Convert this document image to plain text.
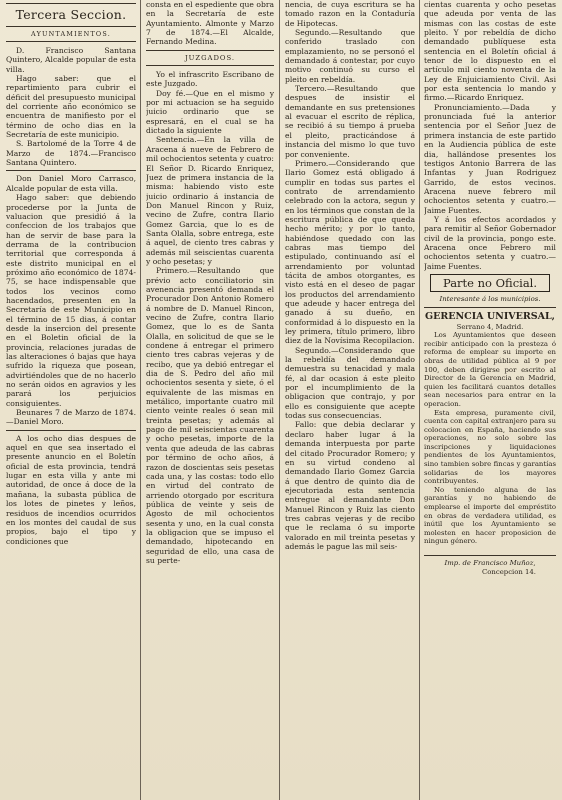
Tercera Seccion.
AYUNTAMIENTOS.

D. Francisco Santana Quintero, Alcalde popular de esta villa.

Hago saber: que el repartimiento para cubrir el déficit del presupuesto municipal del corriente año económico se encuentra de manifiesto por el término de ocho dias en la Secretaría de este municipio.

S. Bartolomé de la Torre 4 de Marzo de 1874.—Francisco Santana Quintero.

Don Daniel Moro Carrasco, Alcalde popular de esta villa.

Hago saber: que debiendo procederse por la Junta de valuacion que presidió á la confeccion de los trabajos que han de servir de base para la derrama de la contribucion territorial que corresponda á este distrito municipal en el próximo año económico de 1874-75, se hace indispensable que todos los vecinos como hacendados, presenten en la Secretaría de este Municipio en el término de 15 dias, á contar desde la insercion del presente en el Boletin oficial de la provincia, relaciones juradas de las alteraciones ó bajas que haya sufrido la riqueza que posean, advirtiéndoles que de no hacerlo no serán oidos en agravios y les parará los perjuicios consiguientes.

Beunares 7 de Marzo de 1874.—Daniel Moro.

A los ocho dias despues de aquel en que sea insertado el presente anuncio en el Boletín oficial de esta provincia, tendrá lugar en esta villa y ante mi autoridad, de once á doce de la mañana, la subasta pública de los lotes de pinetes y leños, residuos de incendios ocurridos en los montes del caudal de sus propios, bajo el tipo y condiciones que

consta en el espediente que obra en la Secretaría de este Ayuntamiento. Almonte y Marzo 7 de 1874.—El Alcalde, Fernando Medina.

JUZGADOS.

Yo el infrascrito Escribano de este Juzgado.

Doy fé.—Que en el mismo y por mi actuacion se ha seguido juicio ordinario que se espresará, en el cual se ha dictado la siguiente

Sentencia.—En la villa de Aracena á nueve de Febrero de mil ochocientos setenta y cuatro: El Señor D. Ricardo Enriquez, Juez de primera instancia de la misma: habiendo visto este juicio ordinario á instancia de Don Manuel Rincon y Ruiz, vecino de Zufre, contra Ilario Gomez Garcia, que lo es de Santa Olalla, sobre entrega, este á aquel, de ciento tres cabras y además mil seiscientas cuarenta y ocho pesetas; y

Primero.—Resultando que prévio acto conciliatorio sin avenencia presentó demanda el Procurador Don Antonio Romero á nombre de D. Manuel Rincon, vecino de Zufre, contra Ilario Gomez, que lo es de Santa Olalla, en solicitud de que se le condene á entregar el primero ciento tres cabras vejeras y de recibo, que ya debió entregar el dia de S. Pedro del año mil ochocientos sesenta y siete, ó el equivalente de las mismas en metálico, importante cuatro mil ciento veinte reales ó sean mil treinta pesetas; y además al pago de mil seiscientas cuarenta y ocho pesetas, importe de la venta que adeuda de las cabras por término de ocho años, á razon de doscientas seis pesetas cada una, y las costas: todo ello en virtud del contrato de arriendo otorgado por escritura pública de veinte y seis de Agosto de mil ochocientos sesenta y uno, en la cual consta la obligacion que se impuso el demandado, hipotecando en seguridad de ello, una casa de su perte-

nencia, de cuya escritura se ha tomado razon en la Contaduría de Hipotecas.

Segundo.—Resultando que conferido traslado con emplazamiento, no se personó el demandado á contestar, por cuyo motivo continuó su curso el pleito en rebeldía.

Tercero.—Resultando que despues de insistir el demandante en sus pretensiones al evacuar el escrito de réplica, se recibió á su tiempo á prueba el pleito, practicándose á instancia del mismo lo que tuvo por conveniente.

Primero.—Considerando que Ilario Gomez está obligado á cumplir en todas sus partes el contrato de arrendamiento celebrado con la actora, segun y en los términos que constan de la escritura pública de que queda hecho mérito; y por lo tanto, habiéndose quedado con las cabras mas tiempo del estipulado, continuando así el arrendamiento por voluntad tácita de ambos otorgantes, es visto está en el deseo de pagar los productos del arrendamiento que adeude y hacer entrega del ganado á su dueño, en conformidad á lo dispuesto en la ley primera, título primero, libro diez de la Novísima Recopilacion.

Segundo.—Considerando que la rebeldía del demandado demuestra su tenacidad y mala fé, al dar ocasion á este pleito por el incumplimiento de la obligacion que contrajo, y por ello es consiguiente que acepte todas sus consecuencias.

Fallo: que debia declarar y declaro haber lugar á la demanda interpuesta por parte del citado Procurador Romero; y en su virtud condeno al demandado Ilario Gomez Garcia á que dentro de quinto dia de ejecutoriada esta sentencia entregue al demandante Don Manuel Rincon y Ruiz las ciento tres cabras vejeras y de recibo que le reclama ó su importe valorado en mil treinta pesetas y además le pague las mil seis-

cientas cuarenta y ocho pesetas que adeuda por venta de las mismas con las costas de este pleito. Y por rebeldía de dicho demandado publíquese esta sentencia en el Boletín oficial á tenor de lo dispuesto en el artículo mil ciento noventa de la Ley de Enjuiciamiento Civil. Asi por esta sentencia lo mando y firmo.—Ricardo Enriquez.

Pronunciamiento.—Dada y pronunciada fué la anterior sentencia por el Señor Juez de primera instancia de este partido en la Audiencia pública de este dia, hallándose presentes los testigos Antonio Barrera de las Infantas y Juan Rodriguez Garrido, de estos vecinos. Aracena nueve febrero mil ochocientos setenta y cuatro.—Jaime Fuentes.

Y á los efectos acordados y para remitir al Señor Gobernador civil de la provincia, pongo este. Aracena once Febrero mil ochocientos setenta y cuatro.—Jaime Fuentes.

Parte no Oficial.
Interesante á los municipios.
GERENCIA UNIVERSAL,
Serrano 4, Madrid.

Los Ayuntamientos que deseen recibir anticipado con la presteza ó reforma de emplear su importe en obras de utilidad pública al 9 por 100, deben dirigirse por escrito al Director de la Gerencia en Madrid, quien les facilitará cuantos detalles sean necesarios para entrar en la operacion.

Esta empresa, puramente civil, cuenta con capital extranjero para su colocacion en España, haciendo sus operaciones, no solo sobre las inscripciones y liquidaciones pendientes de los Ayuntamientos, sino tambien sobre fincas y garantías solidarias de los mayores contribuyentes.

No teniendo alguna de las garantías y no habiendo de emplearse el importe del empréstito en obras de verdadera utilidad, es inútil que los Ayuntamiento se molesten en hacer proposicion de ningun género.

Imp. de Francisco Muñoz,
Concepcion 14.
